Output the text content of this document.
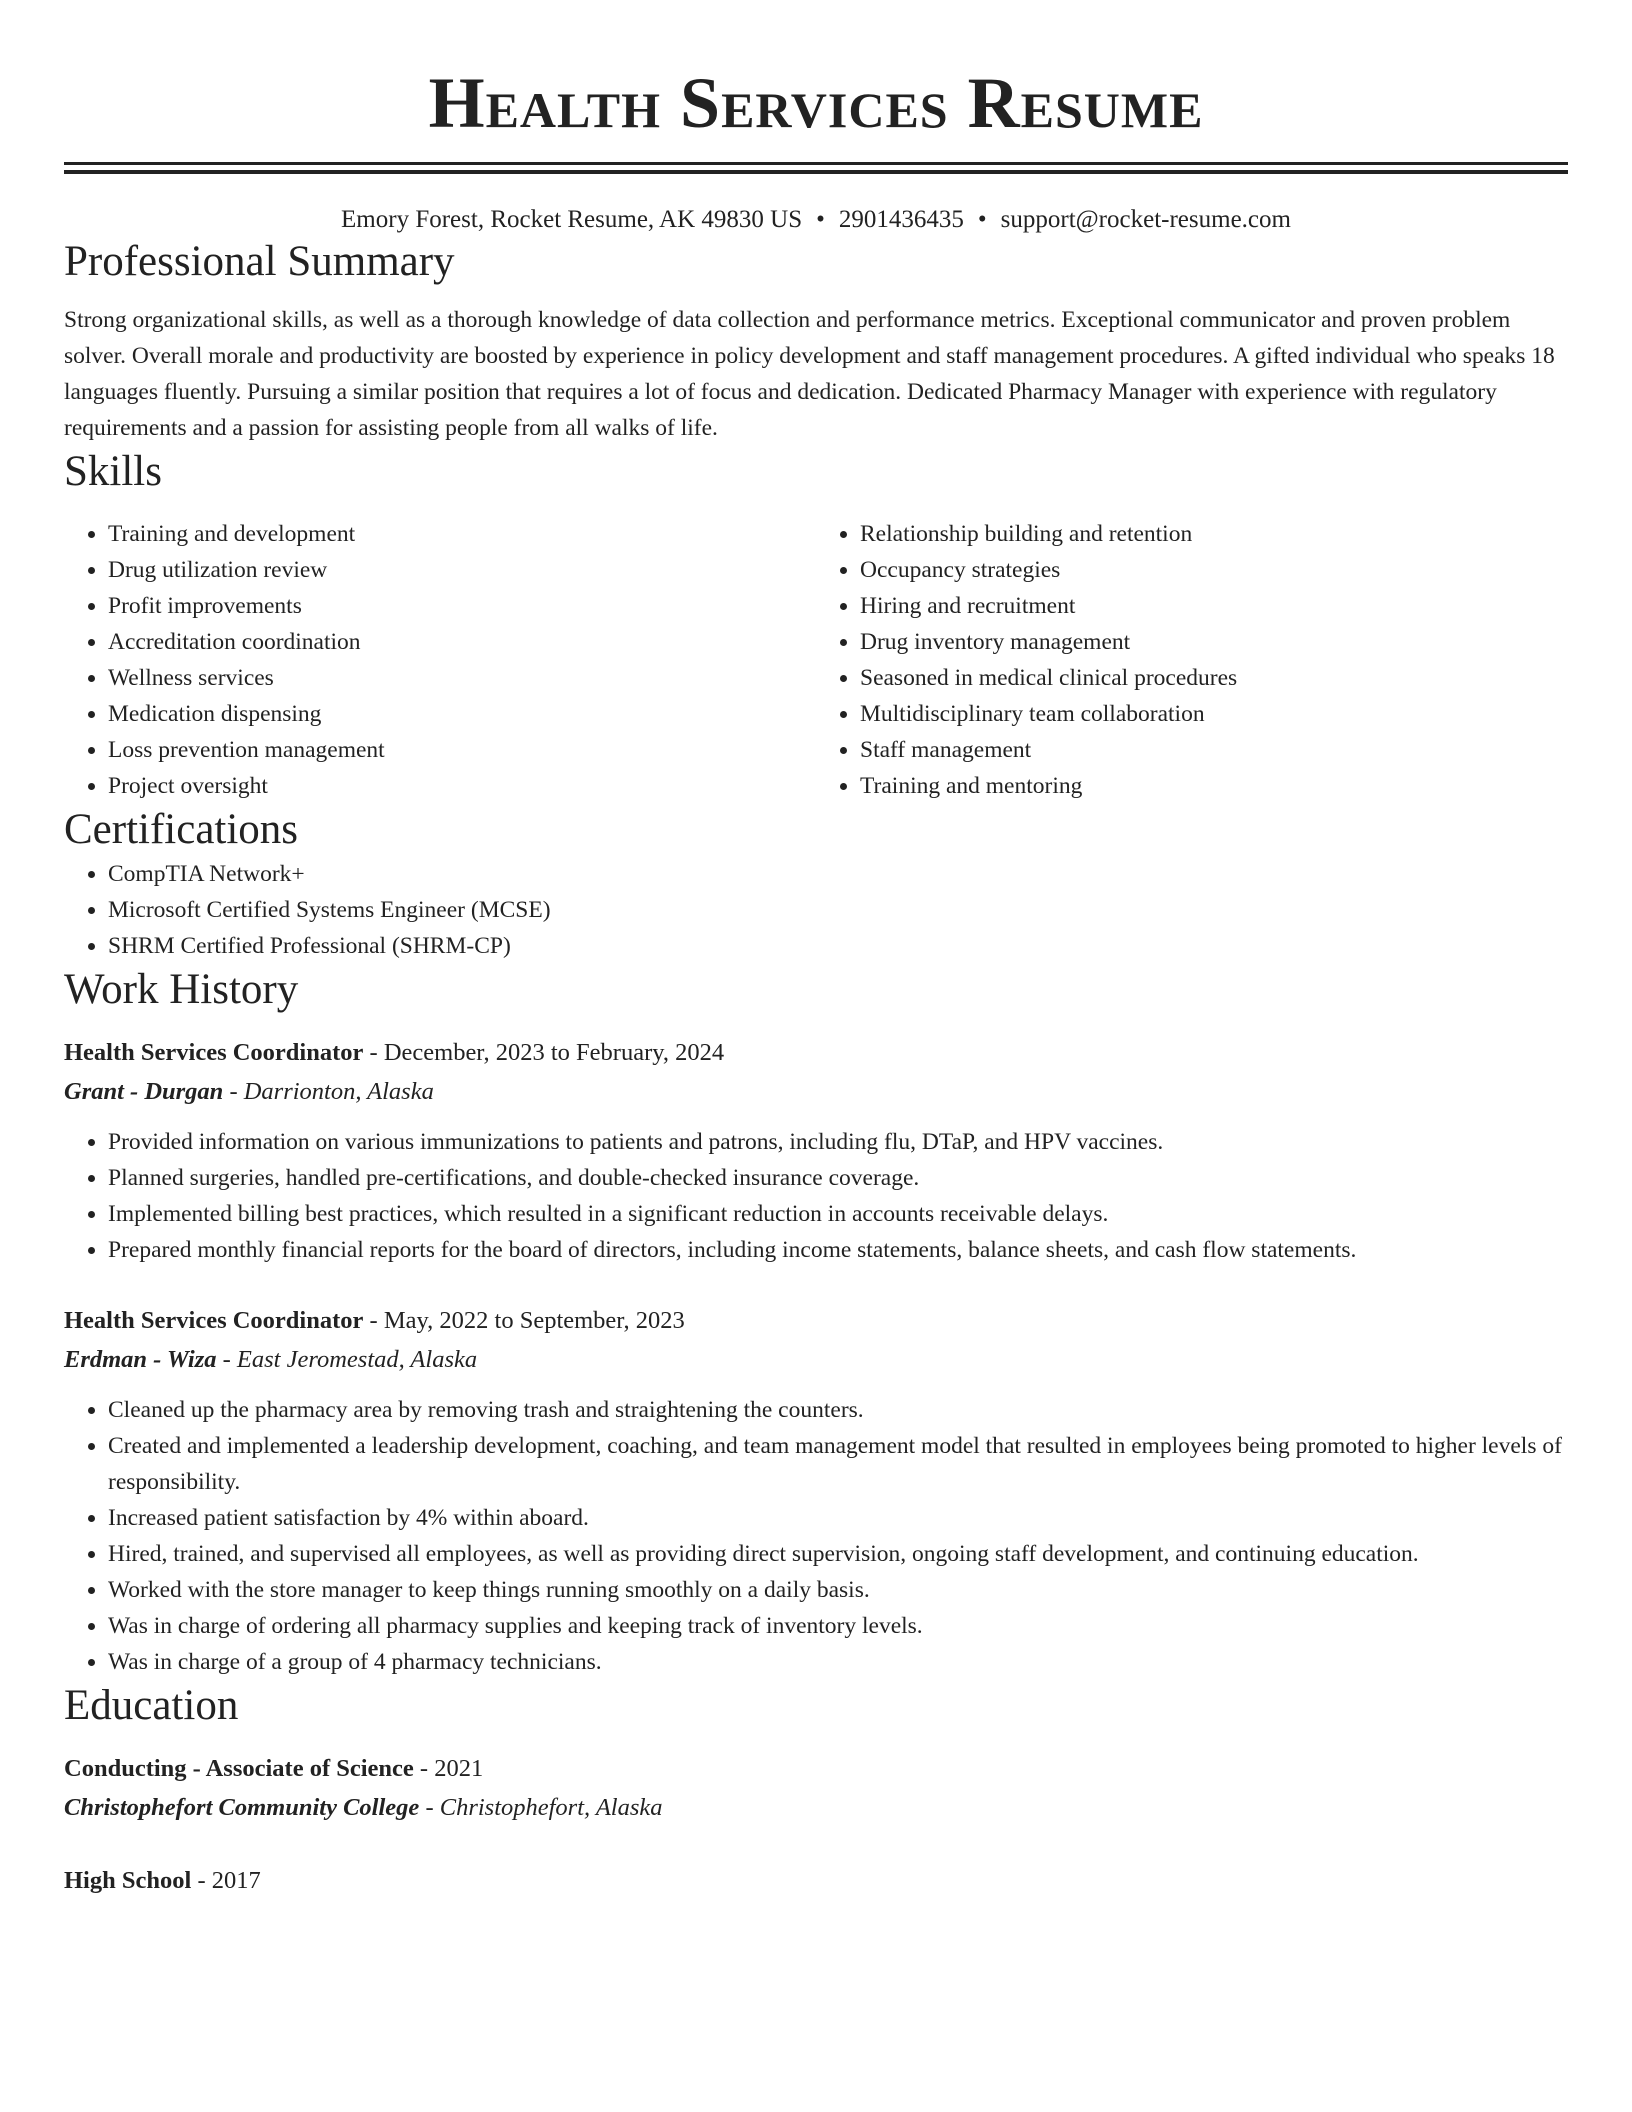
Health Services Resume
Emory Forest, Rocket Resume, AK 49830 US • 2901436435 • support@rocket-resume.com
Professional Summary

Strong organizational skills, as well as a thorough knowledge of data collection and performance metrics. Exceptional communicator and proven problem solver. Overall morale and productivity are boosted by experience in policy development and staff management procedures. A gifted individual who speaks 18 languages fluently. Pursuing a similar position that requires a lot of focus and dedication. Dedicated Pharmacy Manager with experience with regulatory requirements and a passion for assisting people from all walks of life.

Skills
• Training and development
• Drug utilization review
• Profit improvements
• Accreditation coordination
• Wellness services
• Medication dispensing
• Loss prevention management
• Project oversight
• Relationship building and retention
• Occupancy strategies
• Hiring and recruitment
• Drug inventory management
• Seasoned in medical clinical procedures
• Multidisciplinary team collaboration
• Staff management
• Training and mentoring
Certifications
• CompTIA Network+
• Microsoft Certified Systems Engineer (MCSE)
• SHRM Certified Professional (SHRM-CP)
Work History
Health Services Coordinator - December, 2023 to February, 2024
Grant - Durgan - Darrionton, Alaska
• Provided information on various immunizations to patients and patrons, including flu, DTaP, and HPV vaccines.
• Planned surgeries, handled pre-certifications, and double-checked insurance coverage.
• Implemented billing best practices, which resulted in a significant reduction in accounts receivable delays.
• Prepared monthly financial reports for the board of directors, including income statements, balance sheets, and cash flow statements.
Health Services Coordinator - May, 2022 to September, 2023
Erdman - Wiza - East Jeromestad, Alaska
• Cleaned up the pharmacy area by removing trash and straightening the counters.
• Created and implemented a leadership development, coaching, and team management model that resulted in employees being promoted to higher levels of responsibility.
• Increased patient satisfaction by 4% within aboard.
• Hired, trained, and supervised all employees, as well as providing direct supervision, ongoing staff development, and continuing education.
• Worked with the store manager to keep things running smoothly on a daily basis.
• Was in charge of ordering all pharmacy supplies and keeping track of inventory levels.
• Was in charge of a group of 4 pharmacy technicians.
Education
Conducting - Associate of Science - 2021
Christophefort Community College - Christophefort, Alaska
High School - 2017
